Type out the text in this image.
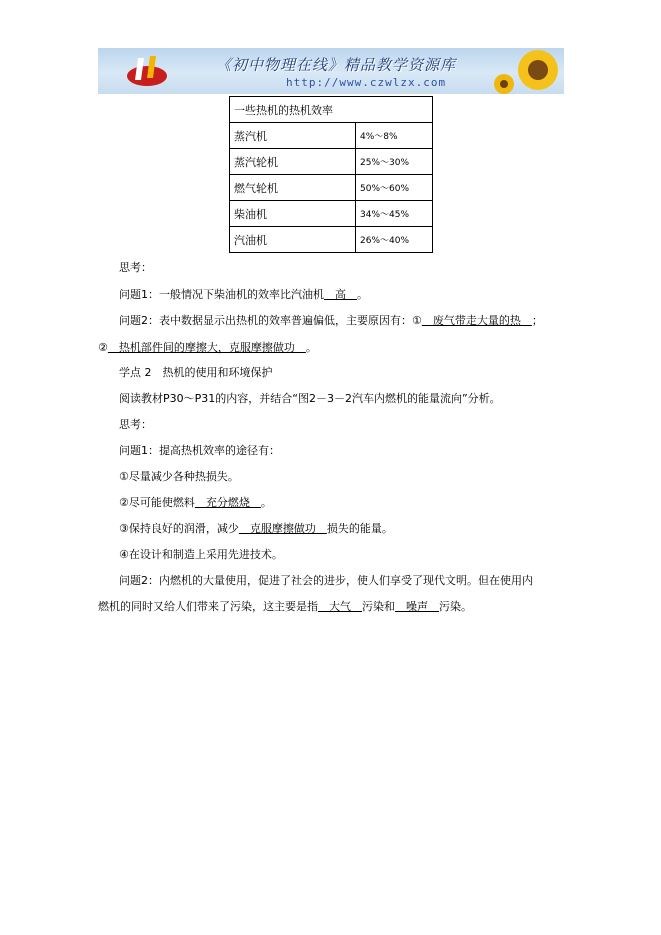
《初中物理在线》精品教学资源库
http://www.czwlzx.com
一些热机的热机效率	
蒸汽机	4%～8%
蒸汽轮机	25%～30%
燃气轮机	50%～60%
柴油机	34%～45%
汽油机	26%～40%
思考：
问题1：一般情况下柴油机的效率比汽油机　高　。
问题2：表中数据显示出热机的效率普遍偏低，主要原因有：①　废气带走大量的热　；
②　热机部件间的摩擦大，克服摩擦做功　。
学点 2　热机的使用和环境保护
阅读教材P30～P31的内容，并结合“图2－3－2汽车内燃机的能量流向”分析。
思考：
问题1：提高热机效率的途径有：
①尽量减少各种热损失。
②尽可能使燃料　充分燃烧　。
③保持良好的润滑，减少　克服摩擦做功　损失的能量。
④在设计和制造上采用先进技术。
问题2：内燃机的大量使用，促进了社会的进步，使人们享受了现代文明。但在使用内
燃机的同时又给人们带来了污染，这主要是指　大气　污染和　噪声　污染。
